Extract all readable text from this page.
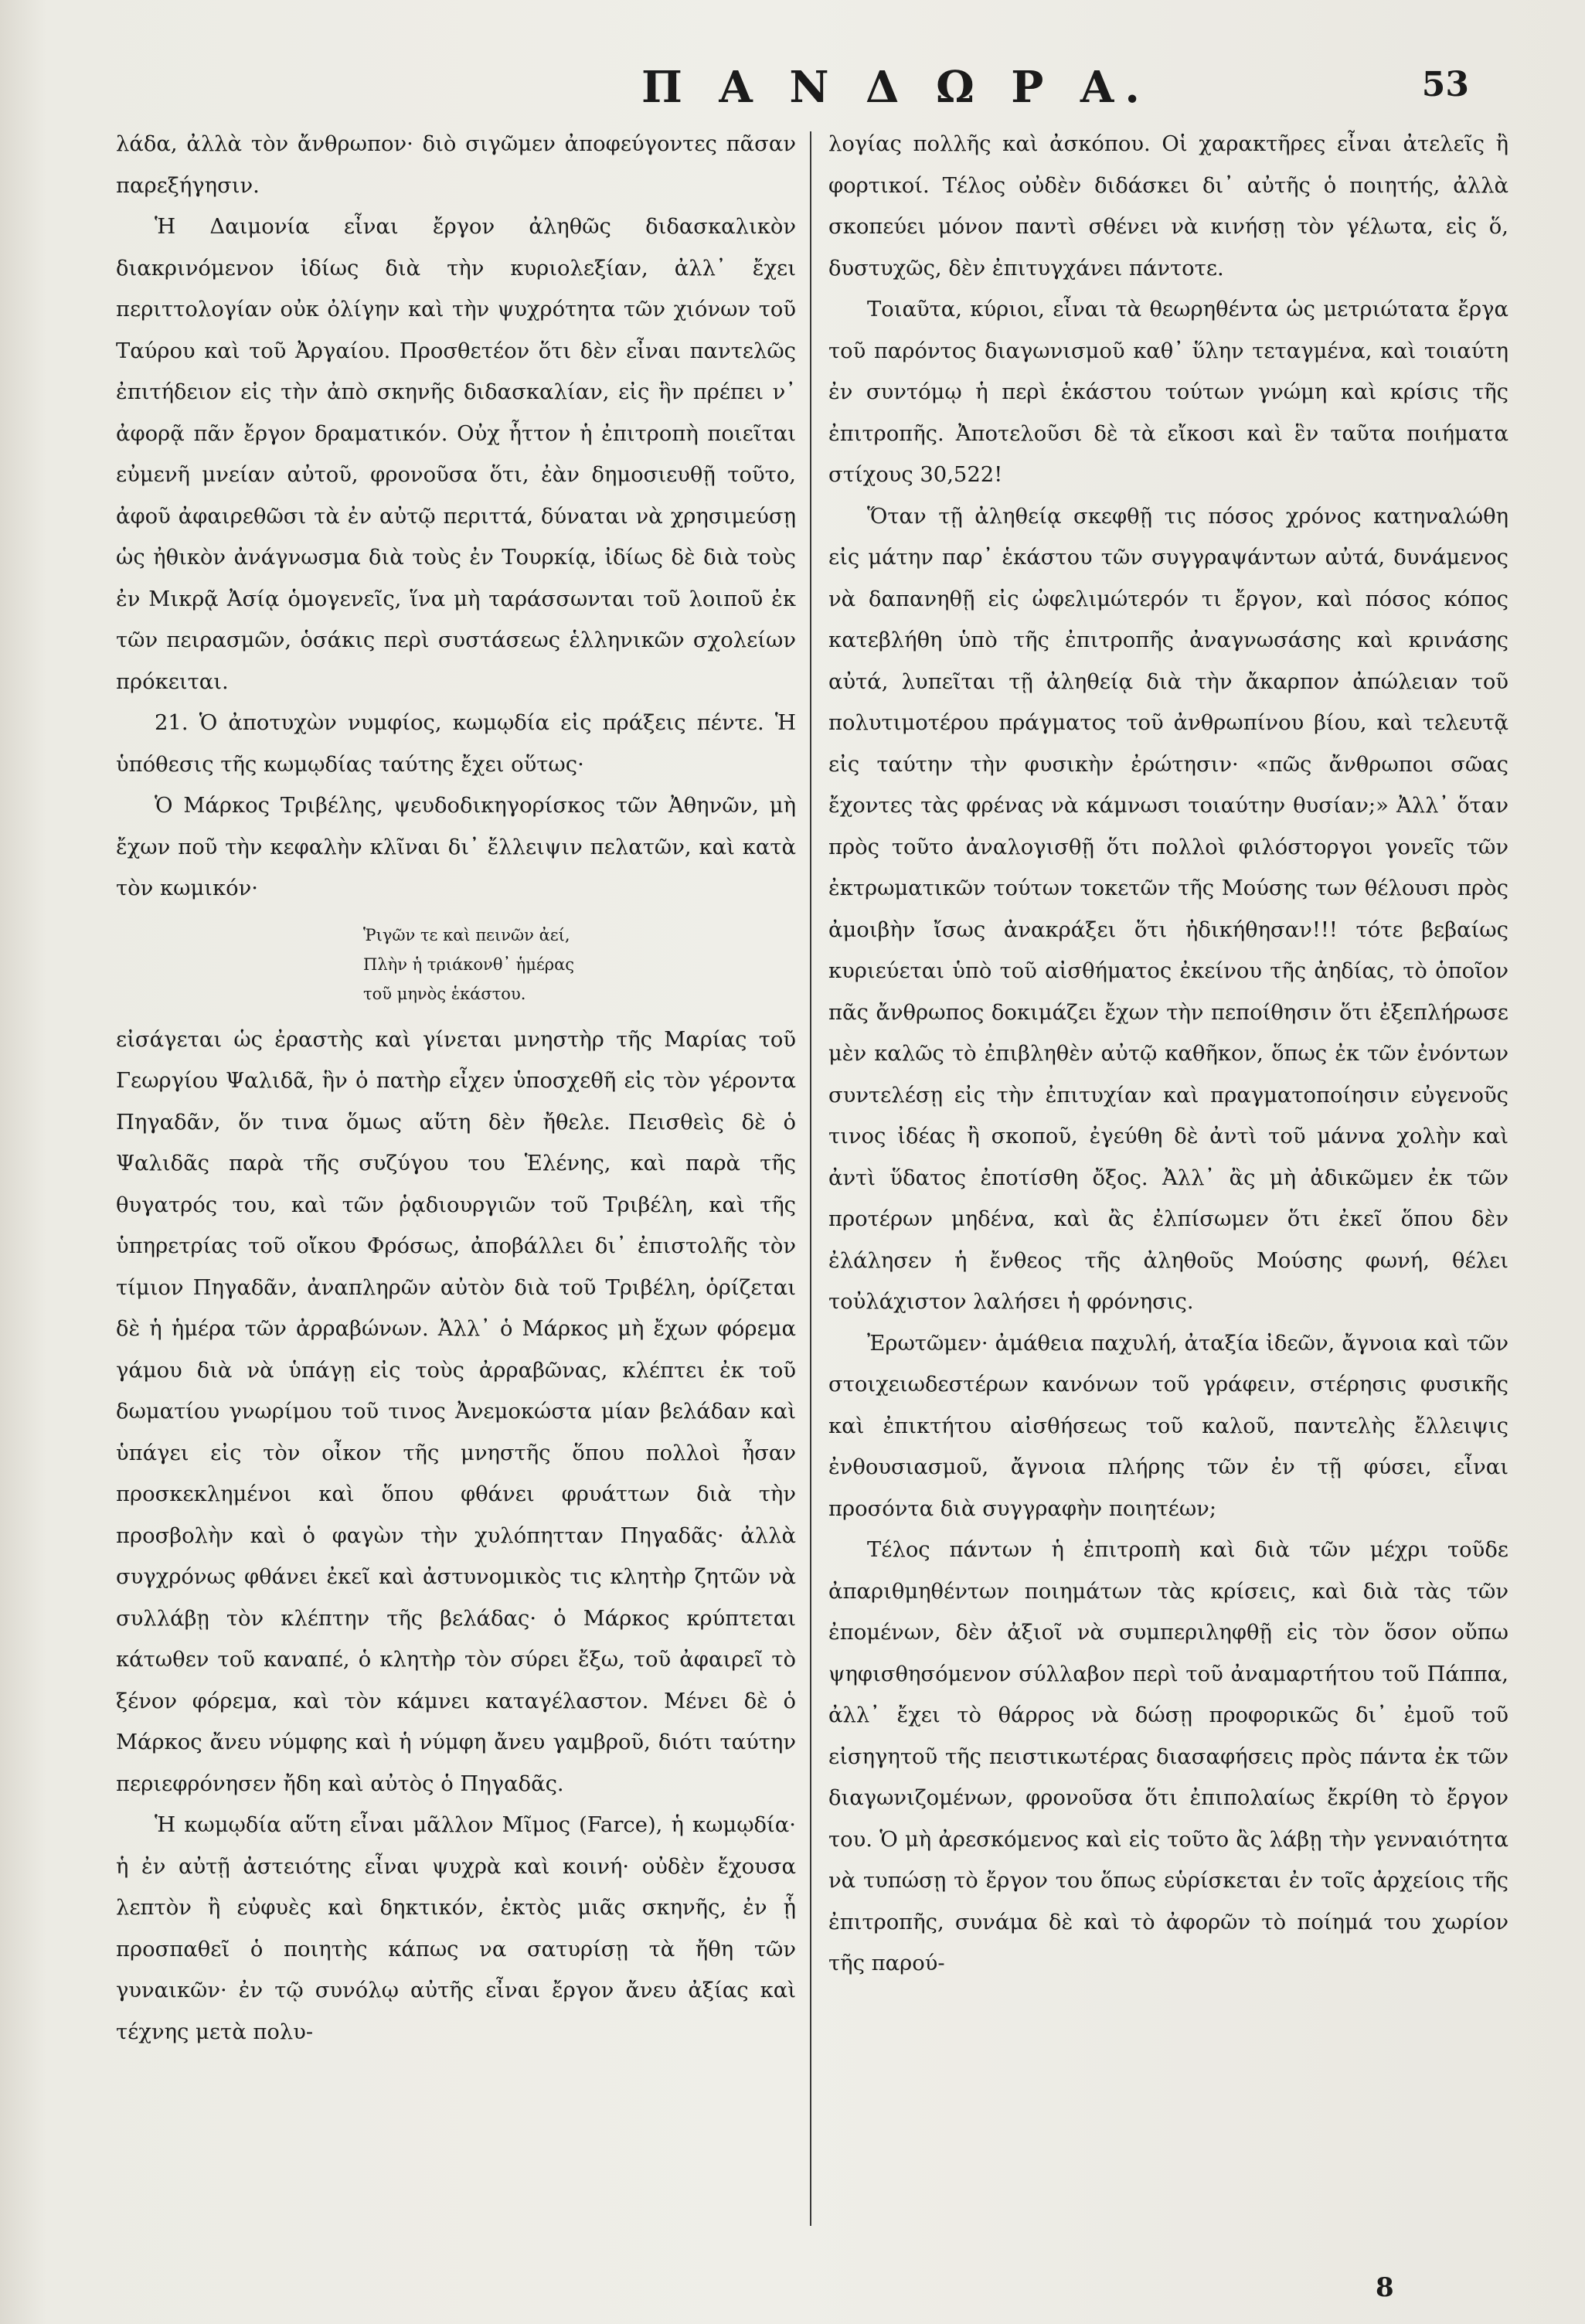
Π Α Ν Δ Ω Ρ Α.	53

λάδα, ἀλλὰ τὸν ἄνθρωπον· διὸ σιγῶμεν ἀποφεύγοντες πᾶσαν παρεξήγησιν.

Ἡ Δαιμονία εἶναι ἔργον ἀληθῶς διδασκαλικὸν διακρινόμενον ἰδίως διὰ τὴν κυριολεξίαν, ἀλλ᾽ ἔχει περιττολογίαν οὐκ ὀλίγην καὶ τὴν ψυχρότητα τῶν χιόνων τοῦ Ταύρου καὶ τοῦ Ἀργαίου. Προσθετέον ὅτι δὲν εἶναι παντελῶς ἐπιτήδειον εἰς τὴν ἀπὸ σκηνῆς διδασκαλίαν, εἰς ἣν πρέπει ν᾽ ἀφορᾷ πᾶν ἔργον δραματικόν. Οὐχ ἧττον ἡ ἐπιτροπὴ ποιεῖται εὐμενῆ μνείαν αὐτοῦ, φρονοῦσα ὅτι, ἐὰν δημοσιευθῇ τοῦτο, ἀφοῦ ἀφαιρεθῶσι τὰ ἐν αὐτῷ περιττά, δύναται νὰ χρησιμεύσῃ ὡς ἠθικὸν ἀνάγνωσμα διὰ τοὺς ἐν Τουρκίᾳ, ἰδίως δὲ διὰ τοὺς ἐν Μικρᾷ Ἀσίᾳ ὁμογενεῖς, ἵνα μὴ ταράσσωνται τοῦ λοιποῦ ἐκ τῶν πειρασμῶν, ὁσάκις περὶ συστάσεως ἑλληνικῶν σχολείων πρόκειται.

21. Ὁ ἀποτυχὼν νυμφίος, κωμῳδία εἰς πράξεις πέντε. Ἡ ὑπόθεσις τῆς κωμῳδίας ταύτης ἔχει οὕτως·

Ὁ Μάρκος Τριβέλης, ψευδοδικηγορίσκος τῶν Ἀθηνῶν, μὴ ἔχων ποῦ τὴν κεφαλὴν κλῖναι δι᾽ ἔλλειψιν πελατῶν, καὶ κατὰ τὸν κωμικόν·

Ῥιγῶν τε καὶ πεινῶν ἀεί,
Πλὴν ἡ τριάκονθ᾽ ἡμέρας
τοῦ μηνὸς ἑκάστου.

εἰσάγεται ὡς ἐραστὴς καὶ γίνεται μνηστὴρ τῆς Μαρίας τοῦ Γεωργίου Ψαλιδᾶ, ἣν ὁ πατὴρ εἶχεν ὑποσχεθῆ εἰς τὸν γέροντα Πηγαδᾶν, ὅν τινα ὅμως αὕτη δὲν ἤθελε. Πεισθεὶς δὲ ὁ Ψαλιδᾶς παρὰ τῆς συζύγου του Ἑλένης, καὶ παρὰ τῆς θυγατρός του, καὶ τῶν ῥᾳδιουργιῶν τοῦ Τριβέλη, καὶ τῆς ὑπηρετρίας τοῦ οἴκου Φρόσως, ἀποβάλλει δι᾽ ἐπιστολῆς τὸν τίμιον Πηγαδᾶν, ἀναπληρῶν αὐτὸν διὰ τοῦ Τριβέλη, ὁρίζεται δὲ ἡ ἡμέρα τῶν ἀρραβώνων. Ἀλλ᾽ ὁ Μάρκος μὴ ἔχων φόρεμα γάμου διὰ νὰ ὑπάγῃ εἰς τοὺς ἀρραβῶνας, κλέπτει ἐκ τοῦ δωματίου γνωρίμου τοῦ τινος Ἀνεμοκώστα μίαν βελάδαν καὶ ὑπάγει εἰς τὸν οἶκον τῆς μνηστῆς ὅπου πολλοὶ ἦσαν προσκεκλημένοι καὶ ὅπου φθάνει φρυάττων διὰ τὴν προσβολὴν καὶ ὁ φαγὼν τὴν χυλόπητταν Πηγαδᾶς· ἀλλὰ συγχρόνως φθάνει ἐκεῖ καὶ ἀστυνομικὸς τις κλητὴρ ζητῶν νὰ συλλάβῃ τὸν κλέπτην τῆς βελάδας· ὁ Μάρκος κρύπτεται κάτωθεν τοῦ καναπέ, ὁ κλητὴρ τὸν σύρει ἔξω, τοῦ ἀφαιρεῖ τὸ ξένον φόρεμα, καὶ τὸν κάμνει καταγέλαστον. Μένει δὲ ὁ Μάρκος ἄνευ νύμφης καὶ ἡ νύμφη ἄνευ γαμβροῦ, διότι ταύτην περιεφρόνησεν ἤδη καὶ αὐτὸς ὁ Πηγαδᾶς.

Ἡ κωμῳδία αὕτη εἶναι μᾶλλον Μῖμος (Farce), ἡ κωμῳδία· ἡ ἐν αὐτῇ ἀστειότης εἶναι ψυχρὰ καὶ κοινή· οὐδὲν ἔχουσα λεπτὸν ἢ εὐφυὲς καὶ δηκτικόν, ἐκτὸς μιᾶς σκηνῆς, ἐν ᾗ προσπαθεῖ ὁ ποιητὴς κάπως να σατυρίσῃ τὰ ἤθη τῶν γυναικῶν· ἐν τῷ συνόλῳ αὐτῆς εἶναι ἔργον ἄνευ ἀξίας καὶ τέχνης μετὰ πολυ-

λογίας πολλῆς καὶ ἀσκόπου. Οἱ χαρακτῆρες εἶναι ἀτελεῖς ἢ φορτικοί. Τέλος οὐδὲν διδάσκει δι᾽ αὐτῆς ὁ ποιητής, ἀλλὰ σκοπεύει μόνον παντὶ σθένει νὰ κινήσῃ τὸν γέλωτα, εἰς ὅ, δυστυχῶς, δὲν ἐπιτυγχάνει πάντοτε.

Τοιαῦτα, κύριοι, εἶναι τὰ θεωρηθέντα ὡς μετριώτατα ἔργα τοῦ παρόντος διαγωνισμοῦ καθ᾽ ὕλην τεταγμένα, καὶ τοιαύτη ἐν συντόμῳ ἡ περὶ ἑκάστου τούτων γνώμη καὶ κρίσις τῆς ἐπιτροπῆς. Ἀποτελοῦσι δὲ τὰ εἴκοσι καὶ ἓν ταῦτα ποιήματα στίχους 30,522!

Ὅταν τῇ ἀληθείᾳ σκεφθῇ τις πόσος χρόνος κατηναλώθη εἰς μάτην παρ᾽ ἑκάστου τῶν συγγραψάντων αὐτά, δυνάμενος νὰ δαπανηθῇ εἰς ὠφελιμώτερόν τι ἔργον, καὶ πόσος κόπος κατεβλήθη ὑπὸ τῆς ἐπιτροπῆς ἀναγνωσάσης καὶ κρινάσης αὐτά, λυπεῖται τῇ ἀληθείᾳ διὰ τὴν ἄκαρπον ἀπώλειαν τοῦ πολυτιμοτέρου πράγματος τοῦ ἀνθρωπίνου βίου, καὶ τελευτᾷ εἰς ταύτην τὴν φυσικὴν ἐρώτησιν· «πῶς ἄνθρωποι σῶας ἔχοντες τὰς φρένας νὰ κάμνωσι τοιαύτην θυσίαν;» Ἀλλ᾽ ὅταν πρὸς τοῦτο ἀναλογισθῇ ὅτι πολλοὶ φιλόστοργοι γονεῖς τῶν ἐκτρωματικῶν τούτων τοκετῶν τῆς Μούσης των θέλουσι πρὸς ἀμοιβὴν ἴσως ἀνακράξει ὅτι ἠδικήθησαν!!! τότε βεβαίως κυριεύεται ὑπὸ τοῦ αἰσθήματος ἐκείνου τῆς ἀηδίας, τὸ ὁποῖον πᾶς ἄνθρωπος δοκιμάζει ἔχων τὴν πεποίθησιν ὅτι ἐξεπλήρωσε μὲν καλῶς τὸ ἐπιβληθὲν αὐτῷ καθῆκον, ὅπως ἐκ τῶν ἐνόντων συντελέσῃ εἰς τὴν ἐπιτυχίαν καὶ πραγματοποίησιν εὐγενοῦς τινος ἰδέας ἢ σκοποῦ, ἐγεύθη δὲ ἀντὶ τοῦ μάννα χολὴν καὶ ἀντὶ ὕδατος ἐποτίσθη ὄξος. Ἀλλ᾽ ἂς μὴ ἀδικῶμεν ἐκ τῶν προτέρων μηδένα, καὶ ἂς ἐλπίσωμεν ὅτι ἐκεῖ ὅπου δὲν ἐλάλησεν ἡ ἔνθεος τῆς ἀληθοῦς Μούσης φωνή, θέλει τοὐλάχιστον λαλήσει ἡ φρόνησις.

Ἐρωτῶμεν· ἀμάθεια παχυλή, ἀταξία ἰδεῶν, ἄγνοια καὶ τῶν στοιχειωδεστέρων κανόνων τοῦ γράφειν, στέρησις φυσικῆς καὶ ἐπικτήτου αἰσθήσεως τοῦ καλοῦ, παντελὴς ἔλλειψις ἐνθουσιασμοῦ, ἄγνοια πλήρης τῶν ἐν τῇ φύσει, εἶναι προσόντα διὰ συγγραφὴν ποιητέων;

Τέλος πάντων ἡ ἐπιτροπὴ καὶ διὰ τῶν μέχρι τοῦδε ἀπαριθμηθέντων ποιημάτων τὰς κρίσεις, καὶ διὰ τὰς τῶν ἐπομένων, δὲν ἀξιοῖ νὰ συμπεριληφθῇ εἰς τὸν ὅσον οὔπω ψηφισθησόμενον σύλλαβον περὶ τοῦ ἀναμαρτήτου τοῦ Πάππα, ἀλλ᾽ ἔχει τὸ θάρρος νὰ δώσῃ προφορικῶς δι᾽ ἐμοῦ τοῦ εἰσηγητοῦ τῆς πειστικωτέρας διασαφήσεις πρὸς πάντα ἐκ τῶν διαγωνιζομένων, φρονοῦσα ὅτι ἐπιπολαίως ἔκρίθη τὸ ἔργον του. Ὁ μὴ ἀρεσκόμενος καὶ εἰς τοῦτο ἂς λάβῃ τὴν γενναιότητα νὰ τυπώσῃ τὸ ἔργον του ὅπως εὑρίσκεται ἐν τοῖς ἀρχείοις τῆς ἐπιτροπῆς, συνάμα δὲ καὶ τὸ ἀφορῶν τὸ ποίημά του χωρίον τῆς παρού-

8
